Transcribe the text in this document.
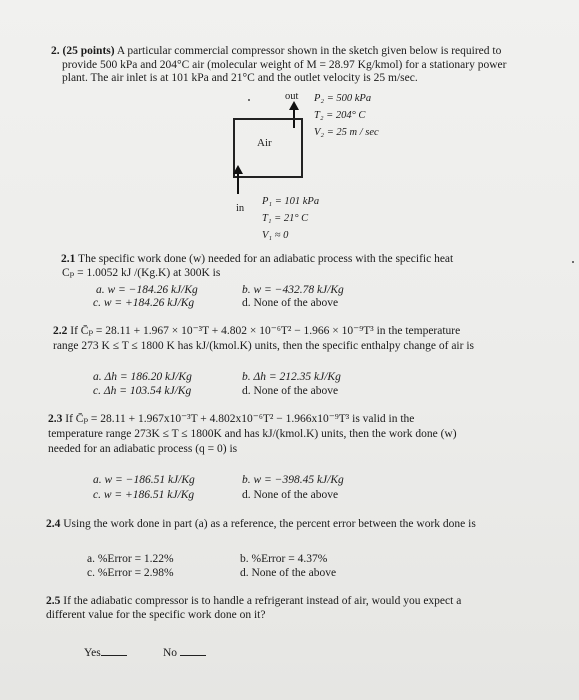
2. (25 points) A particular commercial compressor shown in the sketch given below is required to
provide 500 kPa and 204°C air (molecular weight of M = 28.97 Kg/kmol) for a stationary power
plant. The air inlet is at 101 kPa and 21°C and the outlet velocity is 25 m/sec.
out P₂ = 500 kPa
T₂ = 204° C
V₂ = 25 m / sec
Air
in
P₁ = 101 kPa
T₁ = 21° C
V₁ ≈ 0
2.1 The specific work done (w) needed for an adiabatic process with the specific heat
Cₚ = 1.0052 kJ /(Kg.K) at 300K is
a. w = −184.26 kJ/Kg	b. w = −432.78 kJ/Kg
c. w = +184.26 kJ/Kg	d. None of the above
2.2 If C̄ₚ = 28.11 + 1.967 × 10⁻³T + 4.802 × 10⁻⁶T² − 1.966 × 10⁻⁹T³ in the temperature
range 273 K ≤ T ≤ 1800 K has kJ/(kmol.K) units, then the specific enthalpy change of air is
a. Δh = 186.20 kJ/Kg	b. Δh = 212.35 kJ/Kg
c. Δh = 103.54 kJ/Kg	d. None of the above
2.3 If C̄ₚ = 28.11 + 1.967x10⁻³T + 4.802x10⁻⁶T² − 1.966x10⁻⁹T³ is valid in the
temperature range 273K ≤ T ≤ 1800K and has kJ/(kmol.K) units, then the work done (w)
needed for an adiabatic process (q = 0) is
a. w = −186.51 kJ/Kg	b. w = −398.45 kJ/Kg
c. w = +186.51 kJ/Kg	d. None of the above
2.4 Using the work done in part (a) as a reference, the percent error between the work done is
a. %Error = 1.22%	b. %Error = 4.37%
c. %Error = 2.98%	d. None of the above
2.5 If the adiabatic compressor is to handle a refrigerant instead of air, would you expect a
different value for the specific work done on it?
Yes	No
